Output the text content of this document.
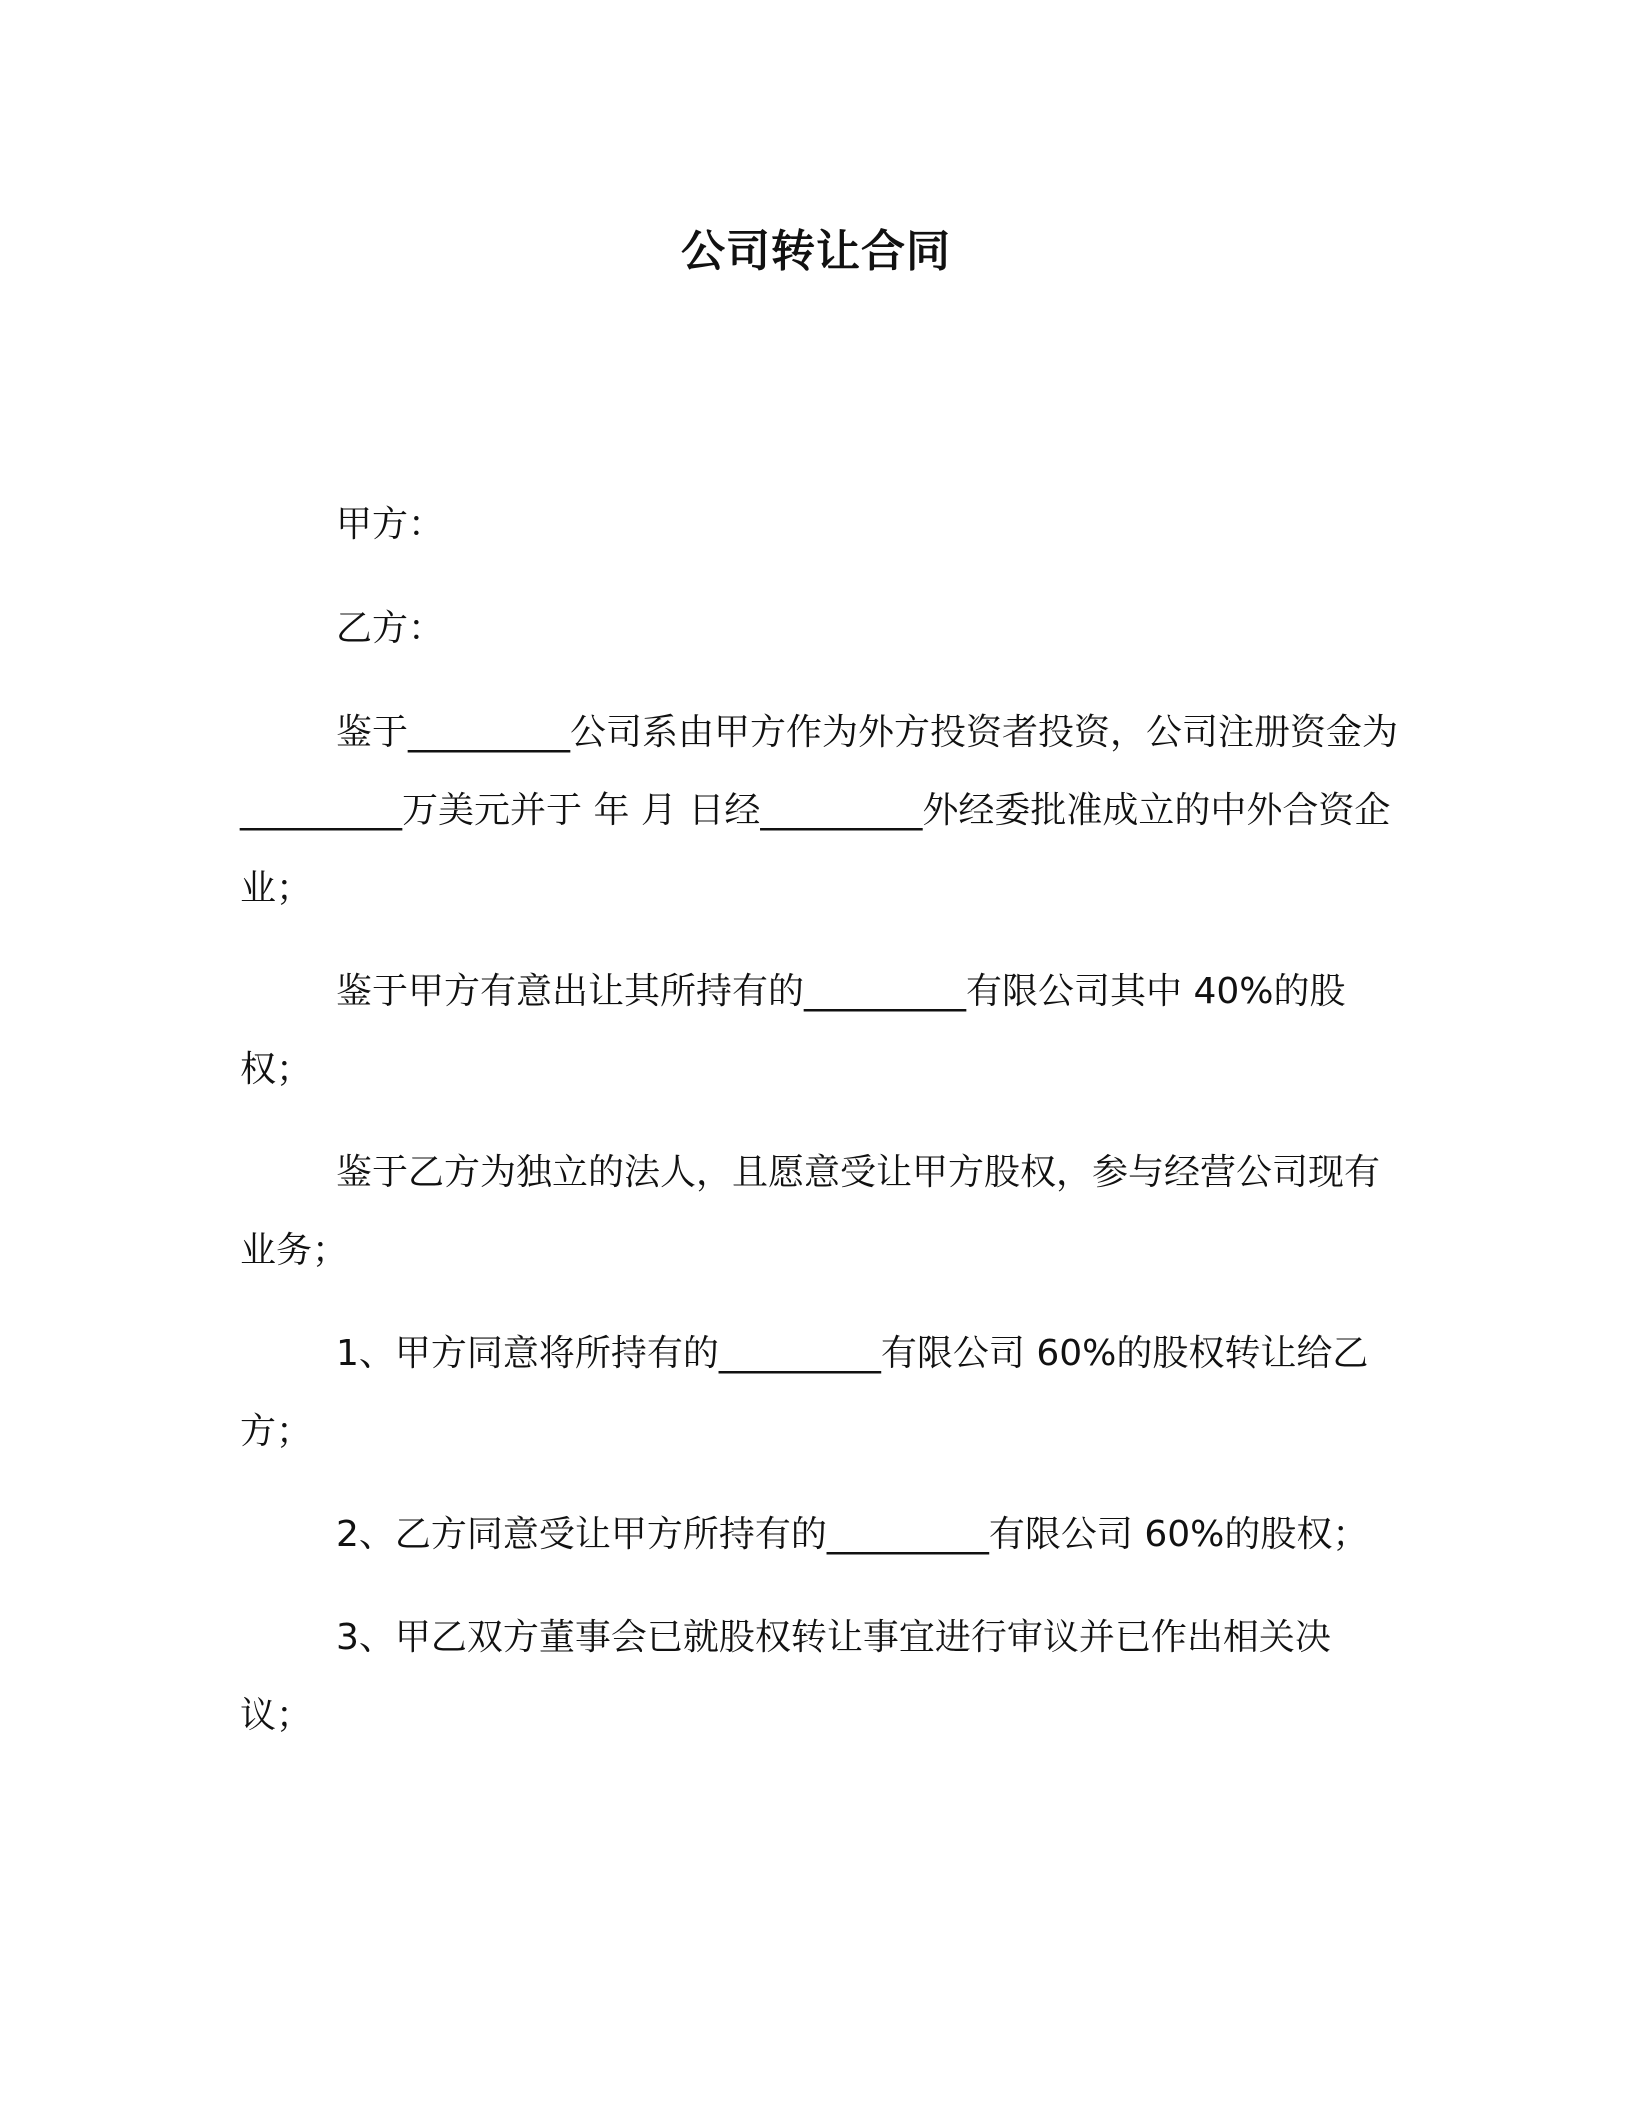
公司转让合同

甲方：

乙方：

鉴于_________公司系由甲方作为外方投资者投资，公司注册资金为_________万美元并于 年 月 日经_________外经委批准成立的中外合资企业；

鉴于甲方有意出让其所持有的_________有限公司其中 40%的股权；

鉴于乙方为独立的法人，且愿意受让甲方股权，参与经营公司现有业务；

1、甲方同意将所持有的_________有限公司 60%的股权转让给乙方；

2、乙方同意受让甲方所持有的_________有限公司 60%的股权；

3、甲乙双方董事会已就股权转让事宜进行审议并已作出相关决议；
